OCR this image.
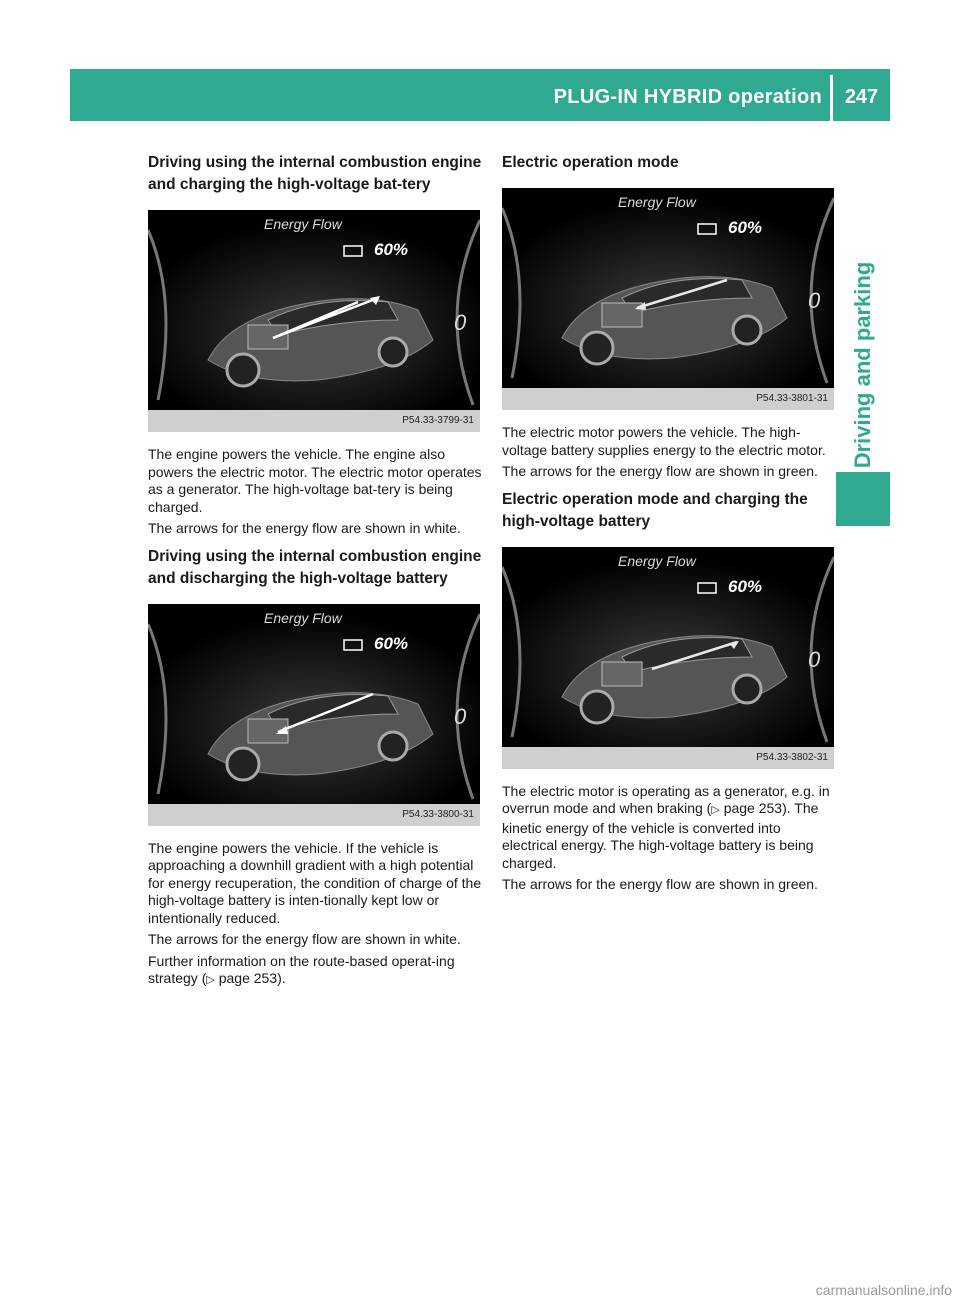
PLUG-IN HYBRID operation	247
Driving and parking
Driving using the internal combustion engine and charging the high-voltage bat-tery
0
Energy Flow
60%
P54.33-3799-31

The engine powers the vehicle. The engine also powers the electric motor. The electric motor operates as a generator. The high-voltage bat-tery is being charged.

The arrows for the energy flow are shown in white.

Driving using the internal combustion engine and discharging the high-voltage battery
0
Energy Flow
60%
P54.33-3800-31

The engine powers the vehicle. If the vehicle is approaching a downhill gradient with a high potential for energy recuperation, the condition of charge of the high-voltage battery is inten-tionally kept low or intentionally reduced.

The arrows for the energy flow are shown in white.

Further information on the route-based operat-ing strategy (▷ page 253).

Electric operation mode
0
Energy Flow
60%
P54.33-3801-31

The electric motor powers the vehicle. The high-voltage battery supplies energy to the electric motor.

The arrows for the energy flow are shown in green.

Electric operation mode and charging the high-voltage battery
0
Energy Flow
60%
P54.33-3802-31

The electric motor is operating as a generator, e.g. in overrun mode and when braking (▷ page 253). The kinetic energy of the vehicle is converted into electrical energy. The high-voltage battery is being charged.

The arrows for the energy flow are shown in green.

carmanualsonline.info
